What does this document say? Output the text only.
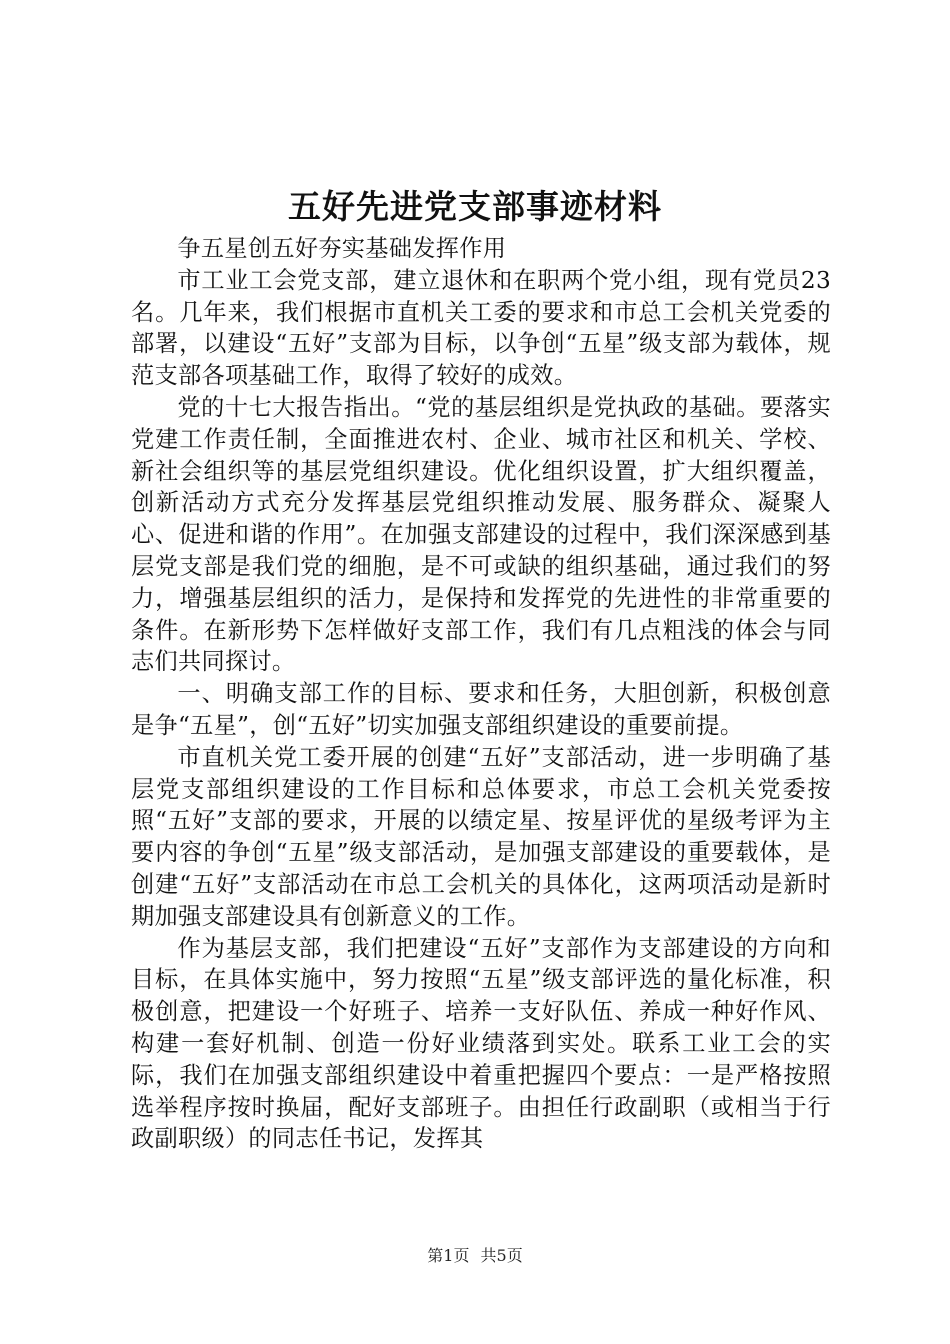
五好先进党支部事迹材料

争五星创五好夯实基础发挥作用

市工业工会党支部，建立退休和在职两个党小组，现有党员23名。几年来，我们根据市直机关工委的要求和市总工会机关党委的部署，以建设“五好”支部为目标，以争创“五星”级支部为载体，规范支部各项基础工作，取得了较好的成效。

党的十七大报告指出。“党的基层组织是党执政的基础。要落实党建工作责任制，全面推进农村、企业、城市社区和机关、学校、新社会组织等的基层党组织建设。优化组织设置，扩大组织覆盖，创新活动方式充分发挥基层党组织推动发展、服务群众、凝聚人心、促进和谐的作用”。在加强支部建设的过程中，我们深深感到基层党支部是我们党的细胞，是不可或缺的组织基础，通过我们的努力，增强基层组织的活力，是保持和发挥党的先进性的非常重要的条件。在新形势下怎样做好支部工作，我们有几点粗浅的体会与同志们共同探讨。

一、明确支部工作的目标、要求和任务，大胆创新，积极创意是争“五星”，创“五好”切实加强支部组织建设的重要前提。

市直机关党工委开展的创建“五好”支部活动，进一步明确了基层党支部组织建设的工作目标和总体要求，市总工会机关党委按照“五好”支部的要求，开展的以绩定星、按星评优的星级考评为主要内容的争创“五星”级支部活动，是加强支部建设的重要载体，是创建“五好”支部活动在市总工会机关的具体化，这两项活动是新时期加强支部建设具有创新意义的工作。

作为基层支部，我们把建设“五好”支部作为支部建设的方向和目标，在具体实施中，努力按照“五星”级支部评选的量化标准，积极创意，把建设一个好班子、培养一支好队伍、养成一种好作风、构建一套好机制、创造一份好业绩落到实处。联系工业工会的实际，我们在加强支部组织建设中着重把握四个要点：一是严格按照选举程序按时换届，配好支部班子。由担任行政副职（或相当于行政副职级）的同志任书记，发挥其

第1页 共5页
